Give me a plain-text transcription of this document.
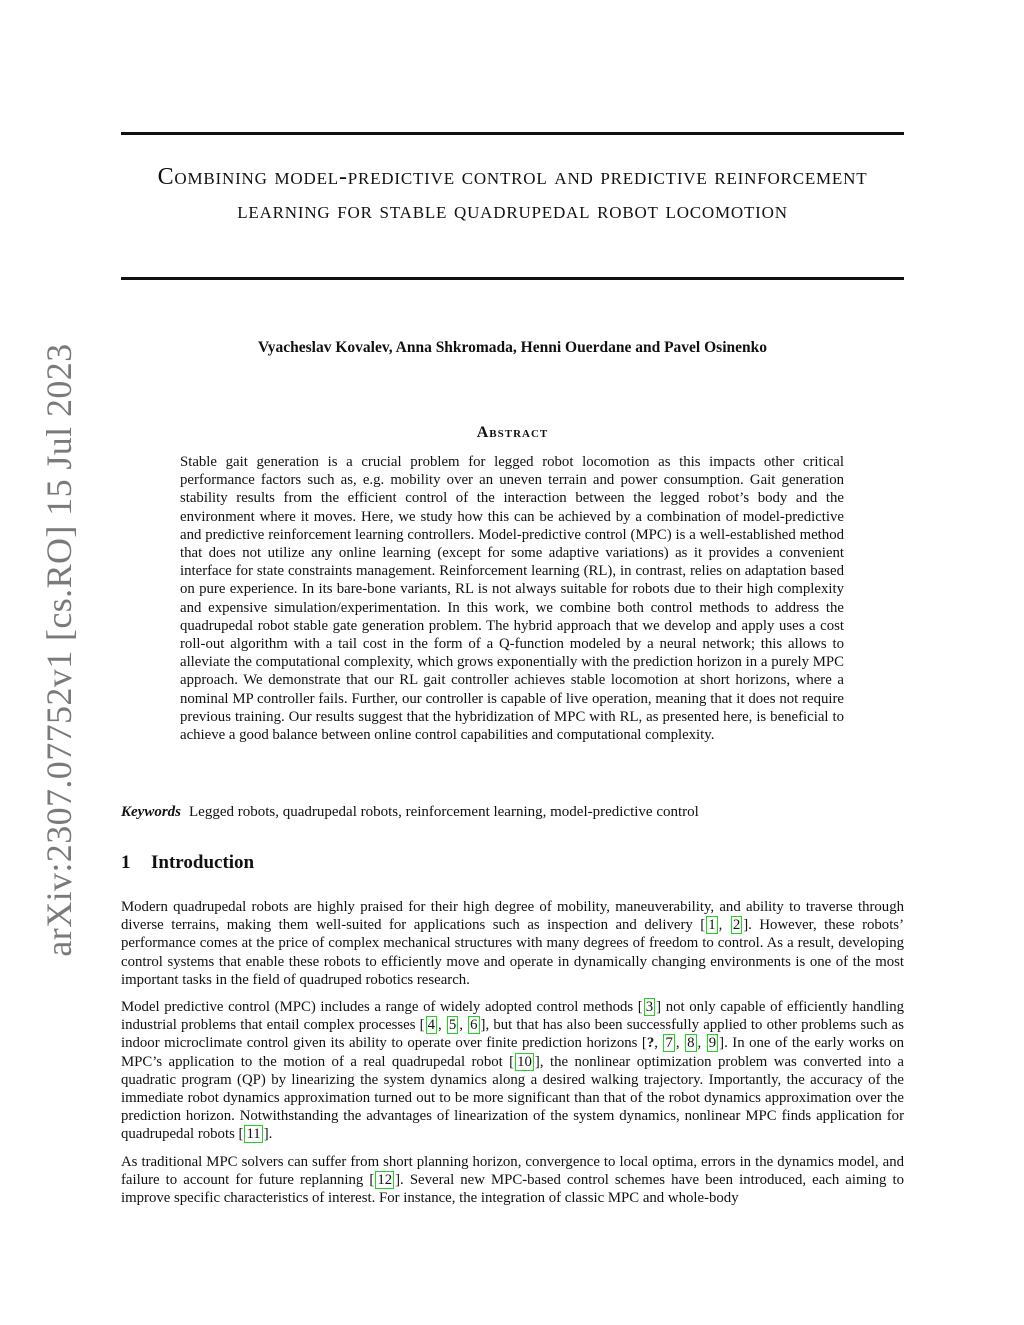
arXiv:2307.07752v1 [cs.RO] 15 Jul 2023
Combining model-predictive control and predictive reinforcement learning for stable quadrupedal robot locomotion
Vyacheslav Kovalev, Anna Shkromada, Henni Ouerdane and Pavel Osinenko
Abstract

Stable gait generation is a crucial problem for legged robot locomotion as this impacts other critical performance factors such as, e.g. mobility over an uneven terrain and power consumption. Gait generation stability results from the efficient control of the interaction between the legged robot’s body and the environment where it moves. Here, we study how this can be achieved by a combination of model-predictive and predictive reinforcement learning controllers. Model-predictive control (MPC) is a well-established method that does not utilize any online learning (except for some adaptive variations) as it provides a convenient interface for state constraints management. Reinforcement learning (RL), in contrast, relies on adaptation based on pure experience. In its bare-bone variants, RL is not always suitable for robots due to their high complexity and expensive simulation/experimentation. In this work, we combine both control methods to address the quadrupedal robot stable gate generation problem. The hybrid approach that we develop and apply uses a cost roll-out algorithm with a tail cost in the form of a Q-function modeled by a neural network; this allows to alleviate the computational complexity, which grows exponentially with the prediction horizon in a purely MPC approach. We demonstrate that our RL gait controller achieves stable locomotion at short horizons, where a nominal MP controller fails. Further, our controller is capable of live operation, meaning that it does not require previous training. Our results suggest that the hybridization of MPC with RL, as presented here, is beneficial to achieve a good balance between online control capabilities and computational complexity.

Keywords Legged robots, quadrupedal robots, reinforcement learning, model-predictive control
1 Introduction

Modern quadrupedal robots are highly praised for their high degree of mobility, maneuverability, and ability to traverse through diverse terrains, making them well-suited for applications such as inspection and delivery [ 1 , 2 ]. However, these robots’ performance comes at the price of complex mechanical structures with many degrees of freedom to control. As a result, developing control systems that enable these robots to efficiently move and operate in dynamically changing environments is one of the most important tasks in the field of quadruped robotics research.

Model predictive control (MPC) includes a range of widely adopted control methods [ 3 ] not only capable of efficiently handling industrial problems that entail complex processes [ 4 , 5 , 6 ], but that has also been successfully applied to other problems such as indoor microclimate control given its ability to operate over finite prediction horizons [?, 7 , 8 , 9 ]. In one of the early works on MPC’s application to the motion of a real quadrupedal robot [ 10 ], the nonlinear optimization problem was converted into a quadratic program (QP) by linearizing the system dynamics along a desired walking trajectory. Importantly, the accuracy of the immediate robot dynamics approximation turned out to be more significant than that of the robot dynamics approximation over the prediction horizon. Notwithstanding the advantages of linearization of the system dynamics, nonlinear MPC finds application for quadrupedal robots [ 11 ].

As traditional MPC solvers can suffer from short planning horizon, convergence to local optima, errors in the dynamics model, and failure to account for future replanning [ 12 ]. Several new MPC-based control schemes have been introduced, each aiming to improve specific characteristics of interest. For instance, the integration of classic MPC and whole-body
